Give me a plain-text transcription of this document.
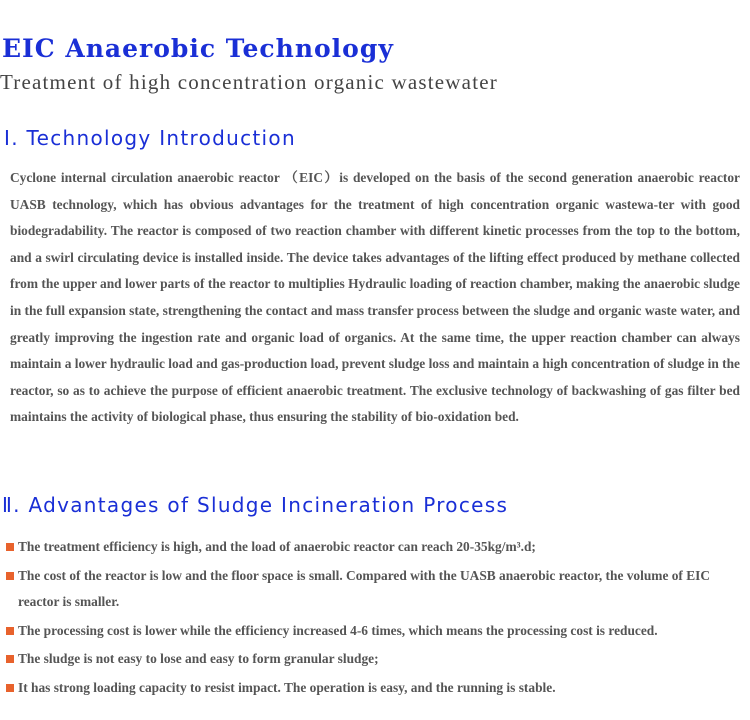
EIC Anaerobic Technology
Treatment of high concentration organic wastewater
Ⅰ. Technology Introduction

Cyclone internal circulation anaerobic reactor （EIC）is developed on the basis of the second generation anaerobic reactor UASB technology, which has obvious advantages for the treatment of high concentration organic wastewa-ter with good biodegradability. The reactor is composed of two reaction chamber with different kinetic processes from the top to the bottom, and a swirl circulating device is installed inside. The device takes advantages of the lifting effect produced by methane collected from the upper and lower parts of the reactor to multiplies Hydraulic loading of reaction chamber, making the anaerobic sludge in the full expansion state, strengthening the contact and mass transfer process between the sludge and organic waste water, and greatly improving the ingestion rate and organic load of organics. At the same time, the upper reaction chamber can always maintain a lower hydraulic load and gas-production load, prevent sludge loss and maintain a high concentration of sludge in the reactor, so as to achieve the purpose of efficient anaerobic treatment. The exclusive technology of backwashing of gas filter bed maintains the activity of biological phase, thus ensuring the stability of bio-oxidation bed.

Ⅱ. Advantages of Sludge Incineration Process
The treatment efficiency is high, and the load of anaerobic reactor can reach 20-35kg/m³.d;
The cost of the reactor is low and the floor space is small. Compared with the UASB anaerobic reactor, the volume of EIC reactor is smaller.
The processing cost is lower while the efficiency increased 4-6 times, which means the processing cost is reduced.
The sludge is not easy to lose and easy to form granular sludge;
It has strong loading capacity to resist impact. The operation is easy, and the running is stable.
